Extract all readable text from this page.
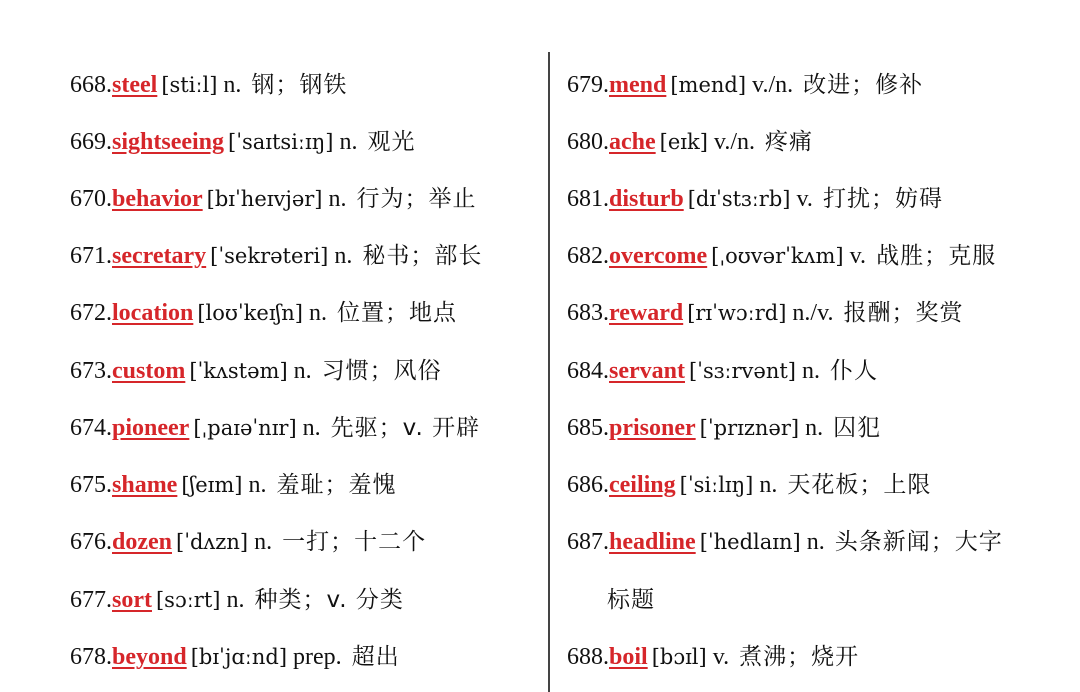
668.steel [stiːl] n. 钢；钢铁
669.sightseeing [ˈsaɪtsiːɪŋ] n. 观光
670.behavior [bɪˈheɪvjər] n. 行为；举止
671.secretary [ˈsekrəteri] n. 秘书；部长
672.location [loʊˈkeɪʃn] n. 位置；地点
673.custom [ˈkʌstəm] n. 习惯；风俗
674.pioneer [ˌpaɪəˈnɪr] n. 先驱；v. 开辟
675.shame [ʃeɪm] n. 羞耻；羞愧
676.dozen [ˈdʌzn] n. 一打；十二个
677.sort [sɔːrt] n. 种类；v. 分类
678.beyond [bɪˈjɑːnd] prep. 超出
679.mend [mend] v./n. 改进；修补
680.ache [eɪk] v./n. 疼痛
681.disturb [dɪˈstɜːrb] v. 打扰；妨碍
682.overcome [ˌoʊvərˈkʌm] v. 战胜；克服
683.reward [rɪˈwɔːrd] n./v. 报酬；奖赏
684.servant [ˈsɜːrvənt] n. 仆人
685.prisoner [ˈprɪznər] n. 囚犯
686.ceiling [ˈsiːlɪŋ] n. 天花板；上限
687.headline [ˈhedlaɪn] n. 头条新闻；大字
标题
688.boil [bɔɪl] v. 煮沸；烧开
